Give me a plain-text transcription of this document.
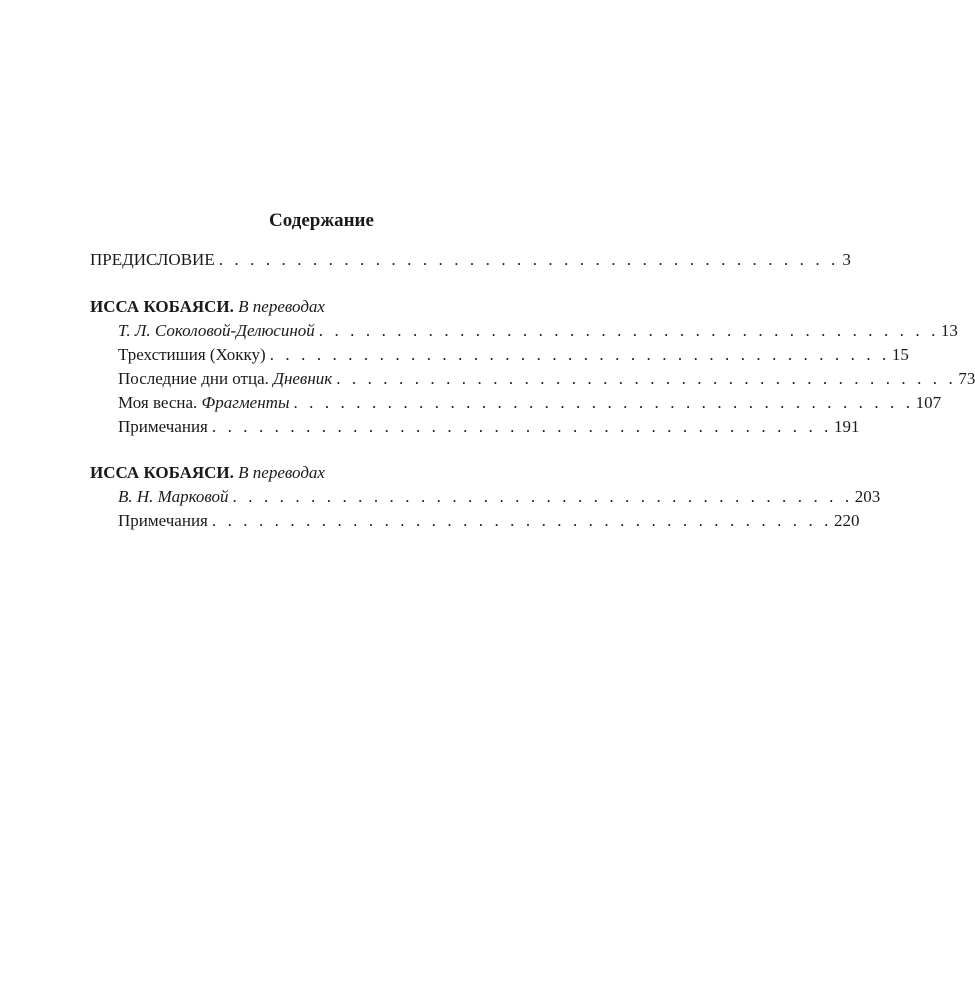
Содержание
ПРЕДИСЛОВИЕ . . . . . . . . . . . . . . . . . . . . . . . . . . . . . . . . . . . . . . . . 3
ИССА КОБАЯСИ. В переводах
Т. Л. Соколовой-Делюсиной . . . . . . . . . . . . . . . . . . . . . . . . . . . . . . . . . . . . . . . . 13
Трехстишия (Хокку) . . . . . . . . . . . . . . . . . . . . . . . . . . . . . . . . . . . . . . . . 15
Последние дни отца. Дневник . . . . . . . . . . . . . . . . . . . . . . . . . . . . . . . . . . . . . . . . 73
Моя весна. Фрагменты . . . . . . . . . . . . . . . . . . . . . . . . . . . . . . . . . . . . . . . . 107
Примечания . . . . . . . . . . . . . . . . . . . . . . . . . . . . . . . . . . . . . . . . 191
ИССА КОБАЯСИ. В переводах
В. Н. Марковой . . . . . . . . . . . . . . . . . . . . . . . . . . . . . . . . . . . . . . . . 203
Примечания . . . . . . . . . . . . . . . . . . . . . . . . . . . . . . . . . . . . . . . . 220
